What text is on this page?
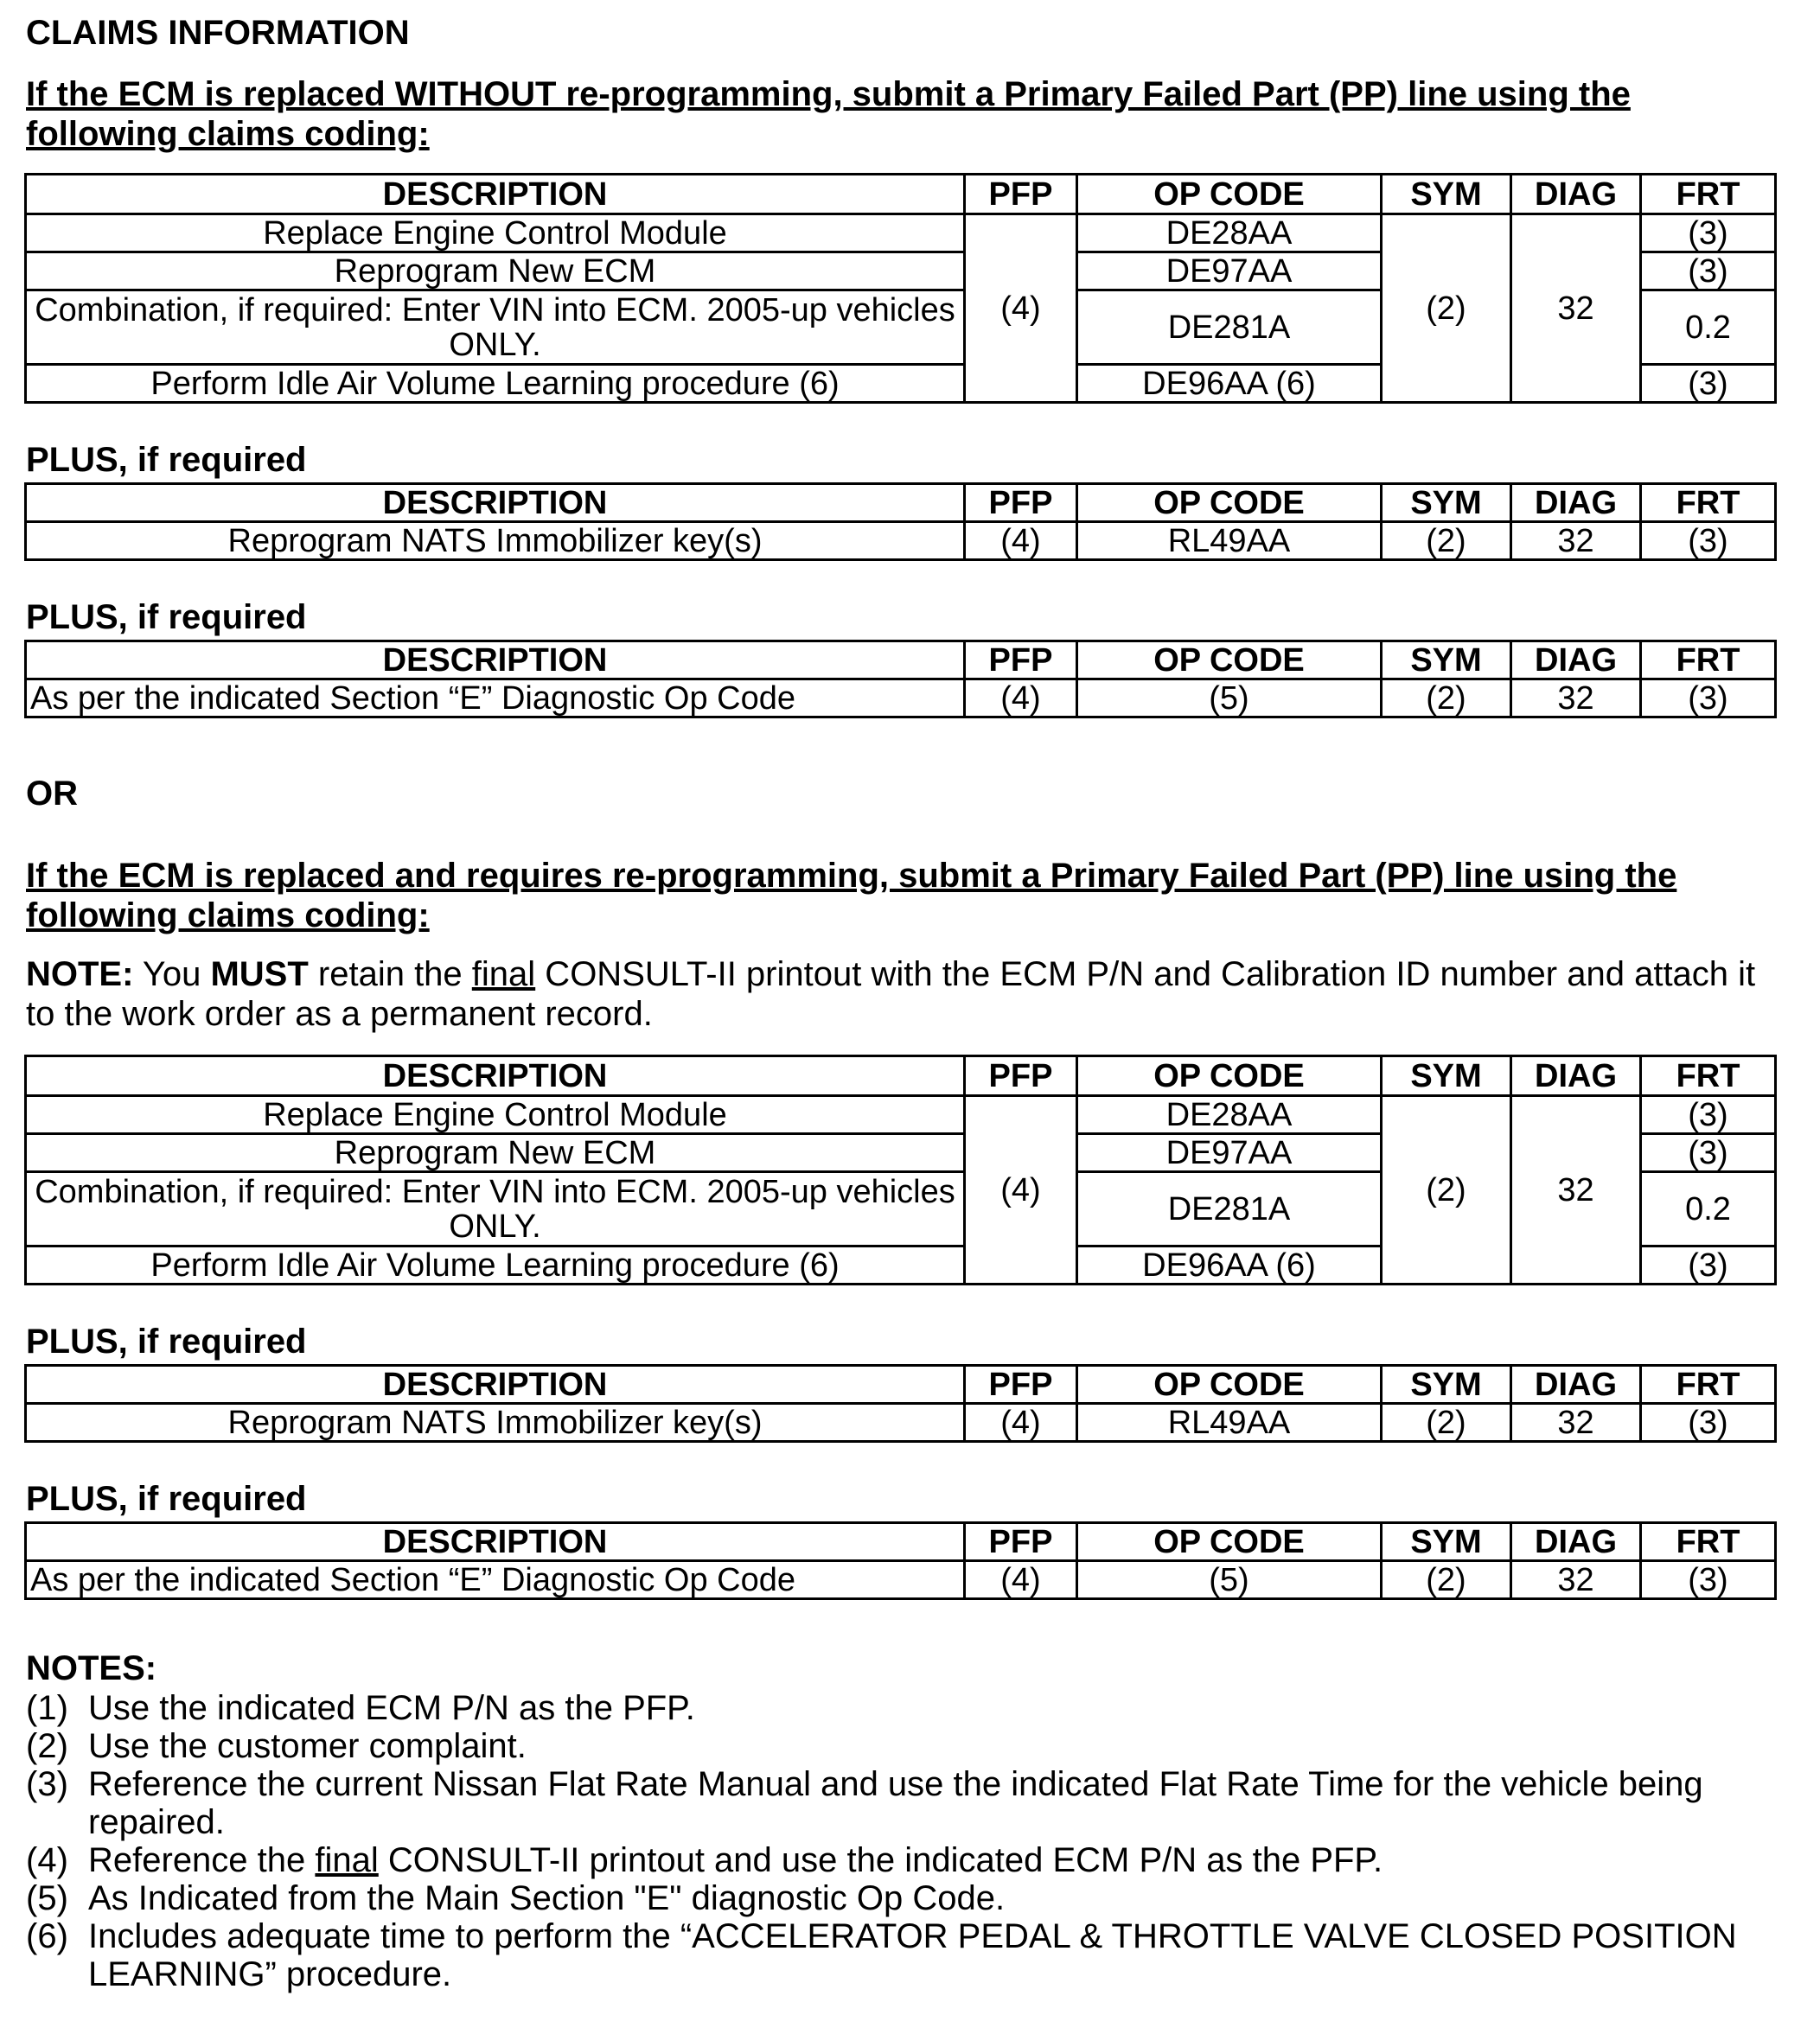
CLAIMS INFORMATION
If the ECM is replaced WITHOUT re-programming, submit a Primary Failed Part (PP) line using the following claims coding:
DESCRIPTION	PFP	OP CODE	SYM	DIAG	FRT
Replace Engine Control Module	(4)	DE28AA	(2)	32	(3)
Reprogram New ECM		DE97AA			(3)
Combination, if required: Enter VIN into ECM. 2005-up vehicles ONLY.		DE281A			0.2
Perform Idle Air Volume Learning procedure (6)		DE96AA (6)			(3)
PLUS, if required
DESCRIPTION	PFP	OP CODE	SYM	DIAG	FRT
Reprogram NATS Immobilizer key(s)	(4)	RL49AA	(2)	32	(3)
PLUS, if required
DESCRIPTION	PFP	OP CODE	SYM	DIAG	FRT
As per the indicated Section “E” Diagnostic Op Code	(4)	(5)	(2)	32	(3)
OR
If the ECM is replaced and requires re-programming, submit a Primary Failed Part (PP) line using the following claims coding:
NOTE: You MUST retain the final CONSULT-II printout with the ECM P/N and Calibration ID number and attach it to the work order as a permanent record.
DESCRIPTION	PFP	OP CODE	SYM	DIAG	FRT
Replace Engine Control Module	(4)	DE28AA	(2)	32	(3)
Reprogram New ECM		DE97AA			(3)
Combination, if required: Enter VIN into ECM. 2005-up vehicles ONLY.		DE281A			0.2
Perform Idle Air Volume Learning procedure (6)		DE96AA (6)			(3)
PLUS, if required
DESCRIPTION	PFP	OP CODE	SYM	DIAG	FRT
Reprogram NATS Immobilizer key(s)	(4)	RL49AA	(2)	32	(3)
PLUS, if required
DESCRIPTION	PFP	OP CODE	SYM	DIAG	FRT
As per the indicated Section “E” Diagnostic Op Code	(4)	(5)	(2)	32	(3)
NOTES:
(1) Use the indicated ECM P/N as the PFP.
(2) Use the customer complaint.
(3) Reference the current Nissan Flat Rate Manual and use the indicated Flat Rate Time for the vehicle being repaired.
(4) Reference the final CONSULT-II printout and use the indicated ECM P/N as the PFP.
(5) As Indicated from the Main Section "E" diagnostic Op Code.
(6) Includes adequate time to perform the “ACCELERATOR PEDAL & THROTTLE VALVE CLOSED POSITION LEARNING” procedure.
